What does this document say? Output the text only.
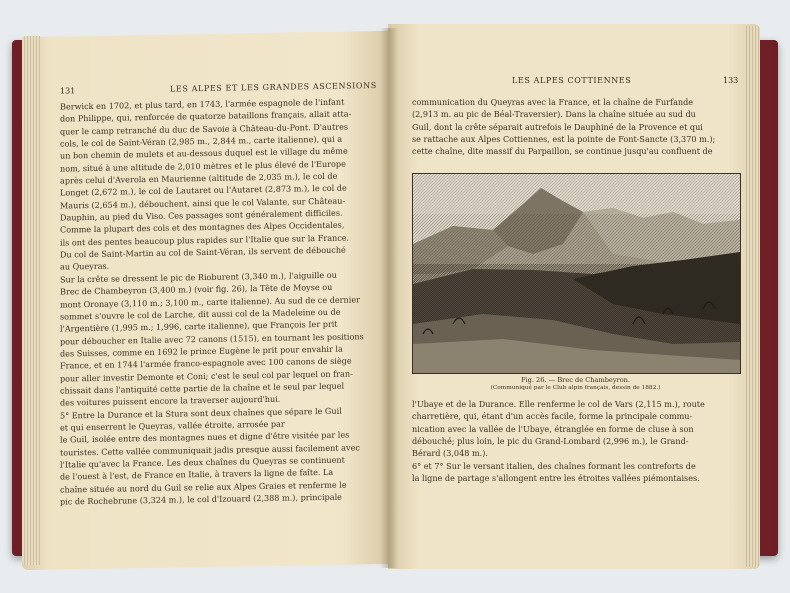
131	LES ALPES ET LES GRANDES ASCENSIONS

Berwick en 1702, et plus tard, en 1743, l'armée espagnole de l'infant

don Philippe, qui, renforcée de quatorze bataillons français, allait atta-

quer le camp retranché du duc de Savoie à Château-du-Pont. D'autres

cols, le col de Saint-Véran (2,985 m., 2,844 m., carte italienne), qui a

un bon chemin de mulets et au-dessous duquel est le village du même

nom, situé à une altitude de 2,010 mètres et le plus élevé de l'Europe

après celui d'Averola en Maurienne (altitude de 2,035 m.), le col de

Longet (2,672 m.), le col de Lautaret ou l'Autaret (2,873 m.), le col de

Mauris (2,654 m.), débouchent, ainsi que le col Valante, sur Château-

Dauphin, au pied du Viso. Ces passages sont généralement difficiles.

Comme la plupart des cols et des montagnes des Alpes Occidentales,

ils ont des pentes beaucoup plus rapides sur l'Italie que sur la France.

Du col de Saint-Martin au col de Saint-Véran, ils servent de débouché

au Queyras.

Sur la crête se dressent le pic de Rioburent (3,340 m.), l'aiguille ou

Brec de Chambeyron (3,400 m.) (voir fig. 26), la Tête de Moyse ou

mont Oronaye (3,110 m.; 3,100 m., carte italienne). Au sud de ce dernier

sommet s'ouvre le col de Larche, dit aussi col de la Madeleine ou de

l'Argentière (1,995 m.; 1,996, carte italienne), que François Ier prit

pour déboucher en Italie avec 72 canons (1515), en tournant les positions

des Suisses, comme en 1692 le prince Eugène le prit pour envahir la

France, et en 1744 l'armée franco-espagnole avec 100 canons de siège

pour aller investir Demonte et Coni; c'est le seul col par lequel on fran-

chissait dans l'antiquité cette partie de la chaîne et le seul par lequel

des voitures puissent encore la traverser aujourd'hui.

5° Entre la Durance et la Stura sont deux chaînes que sépare le Guil

et qui enserrent le Queyras, vallée étroite, arrosée par

le Guil, isolée entre des montagnes nues et digne d'être visitée par les

touristes. Cette vallée communiquait jadis presque aussi facilement avec

l'Italie qu'avec la France. Les deux chaînes du Queyras se continuent

de l'ouest à l'est, de France en Italie, à travers la ligne de faîte. La

chaîne située au nord du Guil se relie aux Alpes Graies et renferme le

pic de Rochebrune (3,324 m.), le col d'Izouard (2,388 m.), principale

LES ALPES COTTIENNES	133

communication du Queyras avec la France, et la chaîne de Furfande

(2,913 m. au pic de Béal-Traversier). Dans la chaîne située au sud du

Guil, dont la crête séparait autrefois le Dauphiné de la Provence et qui

se rattache aux Alpes Cottiennes, est la pointe de Font-Sancte (3,370 m.);

cette chaîne, dite massif du Parpaillon, se continue jusqu'au confluent de

Fig. 26. — Brec de Chambeyron.
(Communiqué par le Club alpin français, dessin de 1882.)

l'Ubaye et de la Durance. Elle renferme le col de Vars (2,115 m.), route

charretière, qui, étant d'un accès facile, forme la principale commu-

nication avec la vallée de l'Ubaye, étranglée en forme de cluse à son

débouché; plus loin, le pic du Grand-Lombard (2,996 m.), le Grand-

Bérard (3,048 m.).

6° et 7° Sur le versant italien, des chaînes formant les contreforts de

la ligne de partage s'allongent entre les étroites vallées piémontaises.
